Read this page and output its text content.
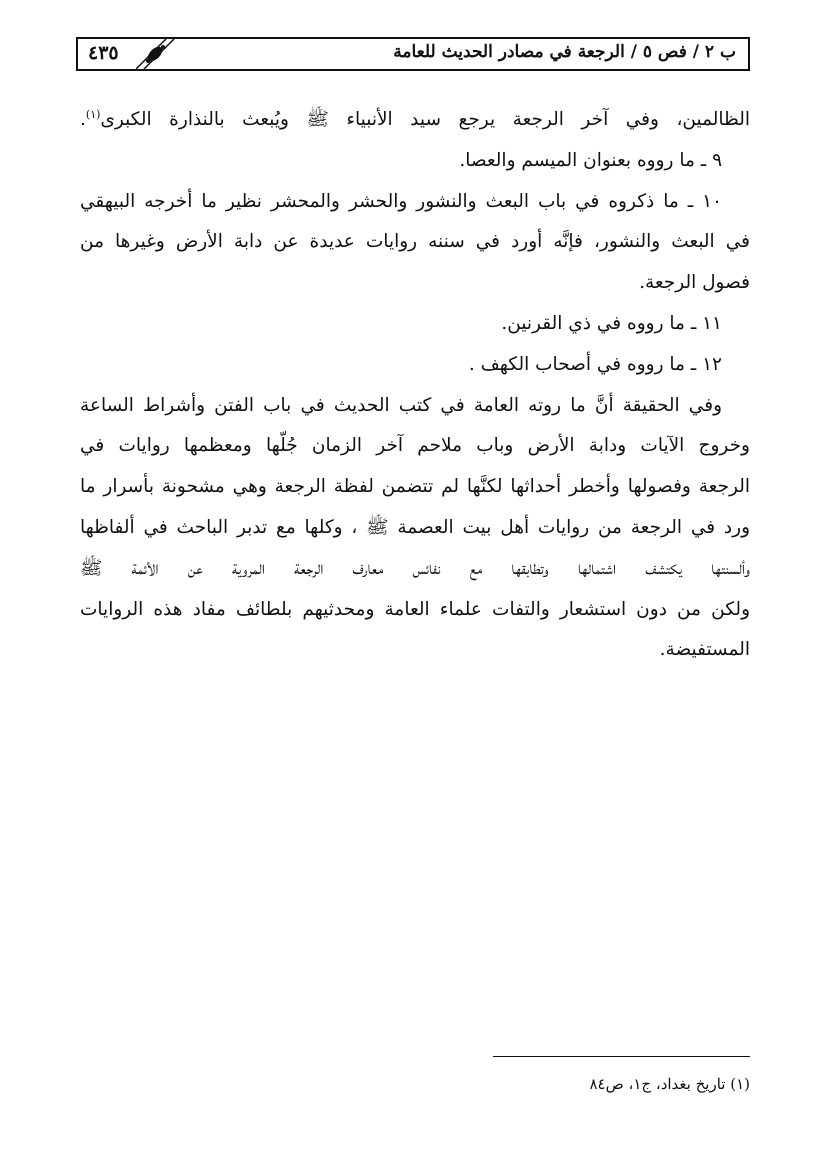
ب ٢ / فص ٥ / الرجعة في مصادر الحديث للعامة
٤٣٥

الظالمين، وفي آخر الرجعة يرجع سيد الأنبياء ﷺ ويُبعث بالنذارة الكبرى$^{(١)}$.

٩ ـ ما رووه بعنوان الميسم والعصا.

١٠ ـ ما ذكروه في باب البعث والنشور والحشر والمحشر نظير ما أخرجه البيهقي

في البعث والنشور، فإنَّه أورد في سننه روايات عديدة عن دابة الأرض وغيرها من

فصول الرجعة.

١١ ـ ما رووه في ذي القرنين.

١٢ ـ ما رووه في أصحاب الكهف .

وفي الحقيقة أنَّ ما روته العامة في كتب الحديث في باب الفتن وأشراط الساعة

وخروج الآيات ودابة الأرض وباب ملاحم آخر الزمان جُلّها ومعظمها روايات في

الرجعة وفصولها وأخطر أحداثها لكنَّها لم تتضمن لفظة الرجعة وهي مشحونة بأسرار ما

ورد في الرجعة من روايات أهل بيت العصمة ﷺ ، وكلها مع تدبر الباحث في ألفاظها

وألسنتها يكتشف اشتمالها وتطابقها مع نفائس معارف الرجعة المروية عن الأئمة ﷺ

ولكن من دون استشعار والتفات علماء العامة ومحدثيهم بلطائف مفاد هذه الروايات

المستفيضة.

(١) تاريخ بغداد، ج١، ص٨٤
